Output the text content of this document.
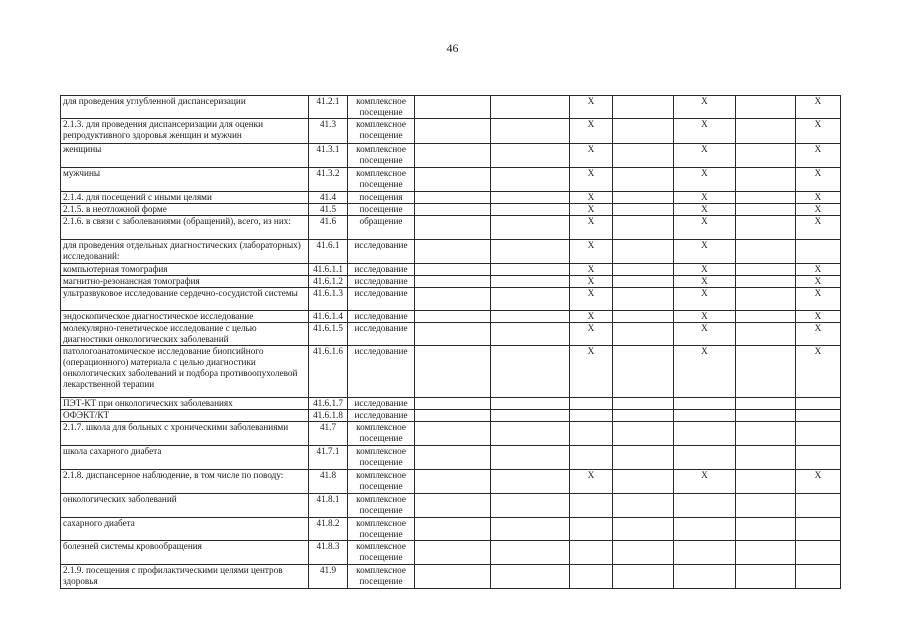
46
для проведения углубленной диспансеризации	41.2.1	комплексное посещение			X		X		X
2.1.3. для проведения диспансеризации для оценки репродуктивного здоровья женщин и мужчин	41.3	комплексное посещение			X		X		X
женщины	41.3.1	комплексное посещение			X		X		X
мужчины	41.3.2	комплексное посещение			X		X		X
2.1.4. для посещений с иными целями	41.4	посещения			X		X		X
2.1.5. в неотложной форме	41.5	посещение			X		X		X
2.1.6. в связи с заболеваниями (обращений), всего, из них:	41.6	обращение			X		X		X
для проведения отдельных диагностических (лабораторных) исследований:	41.6.1	исследование			X		X		
компьютерная томография	41.6.1.1	исследование			X		X		X
магнитно-резонансная томография	41.6.1.2	исследование			X		X		X
ультразвуковое исследование сердечно-сосудистой системы	41.6.1.3	исследование			X		X		X
эндоскопическое диагностическое исследование	41.6.1.4	исследование			X		X		X
молекулярно-генетическое исследование с целью диагностики онкологических заболеваний	41.6.1.5	исследование			X		X		X
патологоанатомическое исследование биопсийного (операционного) материала с целью диагностики онкологических заболеваний и подбора противоопухолевой лекарственной терапии	41.6.1.6	исследование			X		X		X
ПЭТ-КТ при онкологических заболеваниях	41.6.1.7	исследование							
ОФЭКТ/КТ	41.6.1.8	исследование							
2.1.7. школа для больных с хроническими заболеваниями	41.7	комплексное посещение							
школа сахарного диабета	41.7.1	комплексное посещение							
2.1.8. диспансерное наблюдение, в том числе по поводу:	41.8	комплексное посещение			X		X		X
онкологических заболеваний	41.8.1	комплексное посещение							
сахарного диабета	41.8.2	комплексное посещение							
болезней системы кровообращения	41.8.3	комплексное посещение							
2.1.9. посещения с профилактическими целями центров здоровья	41.9	комплексное посещение							
